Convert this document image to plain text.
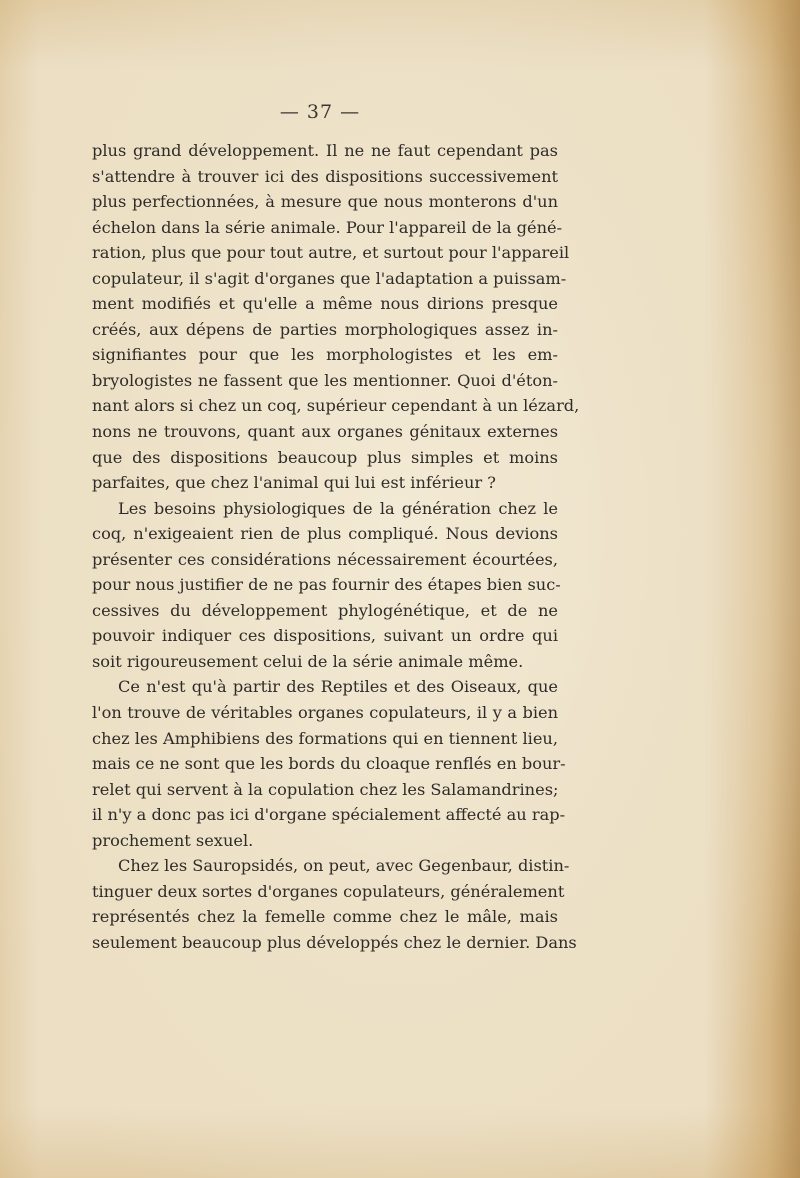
— 37 —
plus grand développement. Il ne ne faut cependant pas
s'attendre à trouver ici des dispositions successivement
plus perfectionnées, à mesure que nous monterons d'un
échelon dans la série animale. Pour l'appareil de la géné-
ration, plus que pour tout autre, et surtout pour l'appareil
copulateur, il s'agit d'organes que l'adaptation a puissam-
ment modifiés et qu'elle a même nous dirions presque
créés, aux dépens de parties morphologiques assez in-
signifiantes pour que les morphologistes et les em-
bryologistes ne fassent que les mentionner. Quoi d'éton-
nant alors si chez un coq, supérieur cependant à un lézard,
nons ne trouvons, quant aux organes génitaux externes
que des dispositions beaucoup plus simples et moins
parfaites, que chez l'animal qui lui est inférieur ?
Les besoins physiologiques de la génération chez le
coq, n'exigeaient rien de plus compliqué. Nous devions
présenter ces considérations nécessairement écourtées,
pour nous justifier de ne pas fournir des étapes bien suc-
cessives du développement phylogénétique, et de ne
pouvoir indiquer ces dispositions, suivant un ordre qui
soit rigoureusement celui de la série animale même.
Ce n'est qu'à partir des Reptiles et des Oiseaux, que
l'on trouve de véritables organes copulateurs, il y a bien
chez les Amphibiens des formations qui en tiennent lieu,
mais ce ne sont que les bords du cloaque renflés en bour-
relet qui servent à la copulation chez les Salamandrines;
il n'y a donc pas ici d'organe spécialement affecté au rap-
prochement sexuel.
Chez les Sauropsidés, on peut, avec Gegenbaur, distin-
tinguer deux sortes d'organes copulateurs, généralement
représentés chez la femelle comme chez le mâle, mais
seulement beaucoup plus développés chez le dernier. Dans
